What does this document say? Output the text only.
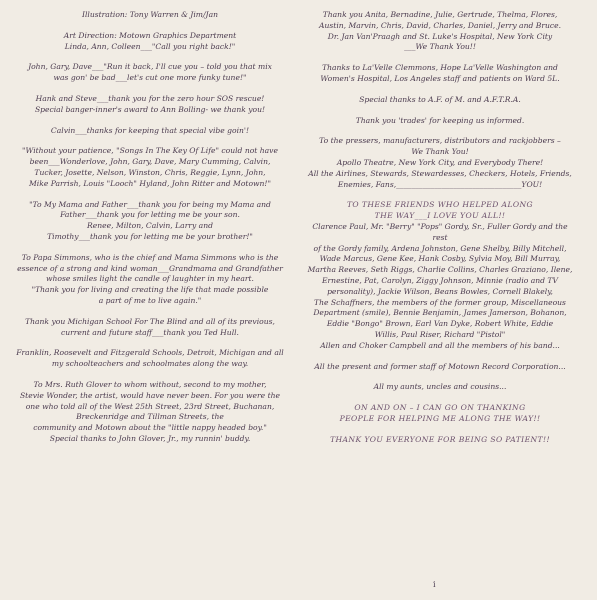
Illustration: Tony Warren & Jim/Jan

Art Direction: Motown Graphics Department
Linda, Ann, Colleen___"Call you right back!"

John, Gary, Dave___"Run it back, I'll cue you – told you that mix
was gon' be bad___let's cut one more funky tune!"

Hank and Steve___thank you for the zero hour SOS rescue!
Special banger-inner's award to Ann Bolling- we thank you!

Calvin___thanks for keeping that special vibe goin'!

"Without your patience, "Songs In The Key Of Life" could not have
been___Wonderlove, John, Gary, Dave, Mary Cumming, Calvin,
Tucker, Josette, Nelson, Winston, Chris, Reggie, Lynn, John,
Mike Parrish, Louis "Looch" Hyland, John Ritter and Motown!"

"To My Mama and Father___thank you for being my Mama and
Father___thank you for letting me be your son.
Renee, Milton, Calvin, Larry and
Timothy___thank you for letting me be your brother!"

To Papa Simmons, who is the chief and Mama Simmons who is the
essence of a strong and kind woman___Grandmama and Grandfather
whose smiles light the candle of laughter in my heart.
"Thank you for living and creating the life that made possible
a part of me to live again."

Thank you Michigan School For The Blind and all of its previous,
current and future staff___thank you Ted Hull.

Franklin, Roosevelt and Fitzgerald Schools, Detroit, Michigan and all
my schoolteachers and schoolmates along the way.

To Mrs. Ruth Glover to whom without, second to my mother,
Stevie Wonder, the artist, would have never been. For you were the
one who told all of the West 25th Street, 23rd Street, Buchanan,
Breckenridge and Tillman Streets, the
community and Motown about the "little nappy headed boy."
Special thanks to John Glover, Jr., my runnin' buddy.

Thank you Anita, Bernadine, Julie, Gertrude, Thelma, Flores,
Austin, Marvin, Chris, David, Charles, Daniel, Jerry and Bruce.
Dr. Jan Van'Praagh and St. Luke's Hospital, New York City
___We Thank You!!

Thanks to La'Velle Clemmons, Hope La'Velle Washington and
Women's Hospital, Los Angeles staff and patients on Ward 5L.

Special thanks to A.F. of M. and A.F.T.R.A.

Thank you 'trades' for keeping us informed.

To the pressers, manufacturers, distributors and rackjobbers –
We Thank You!
Apollo Theatre, New York City, and Everybody There!
All the Airlines, Stewards, Stewardesses, Checkers, Hotels, Friends,
Enemies, Fans,_________________________________YOU!

TO THESE FRIENDS WHO HELPED ALONG
THE WAY___I LOVE YOU ALL!!
Clarence Paul, Mr. "Berry" "Pops" Gordy, Sr., Fuller Gordy and the rest
of the Gordy family, Ardena Johnston, Gene Shelby, Billy Mitchell,
Wade Marcus, Gene Kee, Hank Cosby, Sylvia Moy, Bill Murray,
Martha Reeves, Seth Riggs, Charlie Collins, Charles Graziano, Ilene,
Ernestine, Pat, Carolyn, Ziggy Johnson, Minnie (radio and TV
personality), Jackie Wilson, Beans Bowles, Cornell Blakely,
The Schaffners, the members of the former group, Miscellaneous
Department (smile), Bennie Benjamin, James Jamerson, Bohanon,
Eddie "Bongo" Brown, Earl Van Dyke, Robert White, Eddie
Willis, Paul Riser, Richard "Pistol"
Allen and Choker Campbell and all the members of his band...

All the present and former staff of Motown Record Corporation...

All my aunts, uncles and cousins...

ON AND ON – I CAN GO ON THANKING
PEOPLE FOR HELPING ME ALONG THE WAY!!

THANK YOU EVERYONE FOR BEING SO PATIENT!!

i
